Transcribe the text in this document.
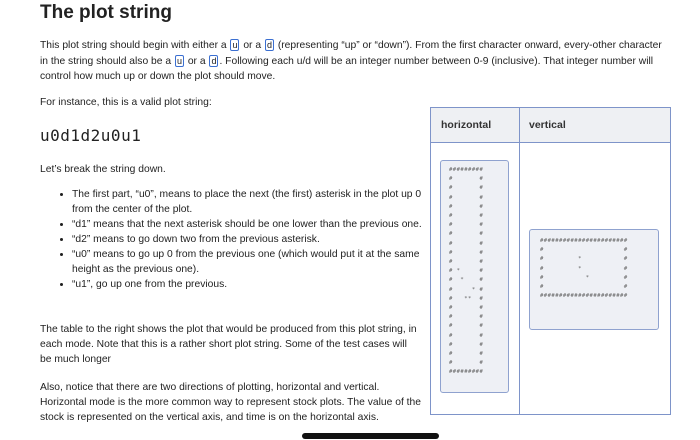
The plot string

This plot string should begin with either a u or a d (representing “up” or “down”). From the first character onward, every-other character in the string should also be a u or a d . Following each u/d will be an integer number between 0-9 (inclusive). That integer number will control how much up or down the plot should move.

For instance, this is a valid plot string:
u0d1d2u0u1
Let’s break the string down.
• The first part, “u0”, means to place the next (the first) asterisk in the plot up 0 from the center of the plot.
• “d1” means that the next asterisk should be one lower than the previous one.
• “d2” means to go down two from the previous asterisk.
• “u0” means to go up 0 from the previous one (which would put it at the same height as the previous one).
• “u1”, go up one from the previous.

The table to the right shows the plot that would be produced from this plot string, in each mode. Note that this is a rather short plot string. Some of the test cases will be much longer

Also, notice that there are two directions of plotting, horizontal and vertical. Horizontal mode is the more common way to represent stock plots. The value of the stock is represented on the vertical axis, and time is on the horizontal axis.

horizontal	vertical
#########
#       #
#       #
#       #
#       #
#       #
#       #
#       #
#       #
#       #
#       #
# *     #
#  *    #
#     * #
#   **  #
#       #
#       #
#       #
#       #
#       #
#       #
#       #
#########
#######################
#                     #
#         *           #
#         *           #
#           *         #
#                     #
#######################
